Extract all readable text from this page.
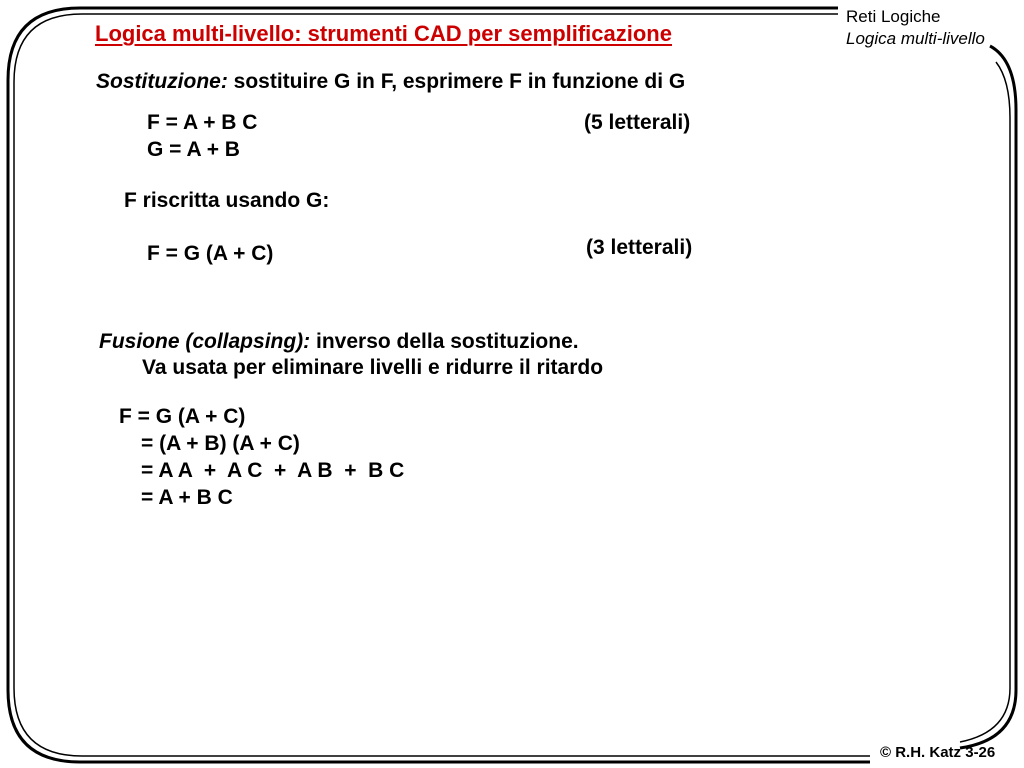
Logica multi-livello: strumenti CAD per semplificazione
Reti Logiche
Logica multi-livello
Sostituzione: sostituire G in F, esprimere F in funzione di G
F = A + B C	(5 letterali)
G = A + B
F riscritta usando G:
F = G (A + C)	(3 letterali)
Fusione (collapsing): inverso della sostituzione.
Va usata per eliminare livelli e ridurre il ritardo
F = G (A + C)
= (A + B) (A + C)
= A A  +  A C  +  A B  +  B C
= A + B C
© R.H. Katz 3-26
